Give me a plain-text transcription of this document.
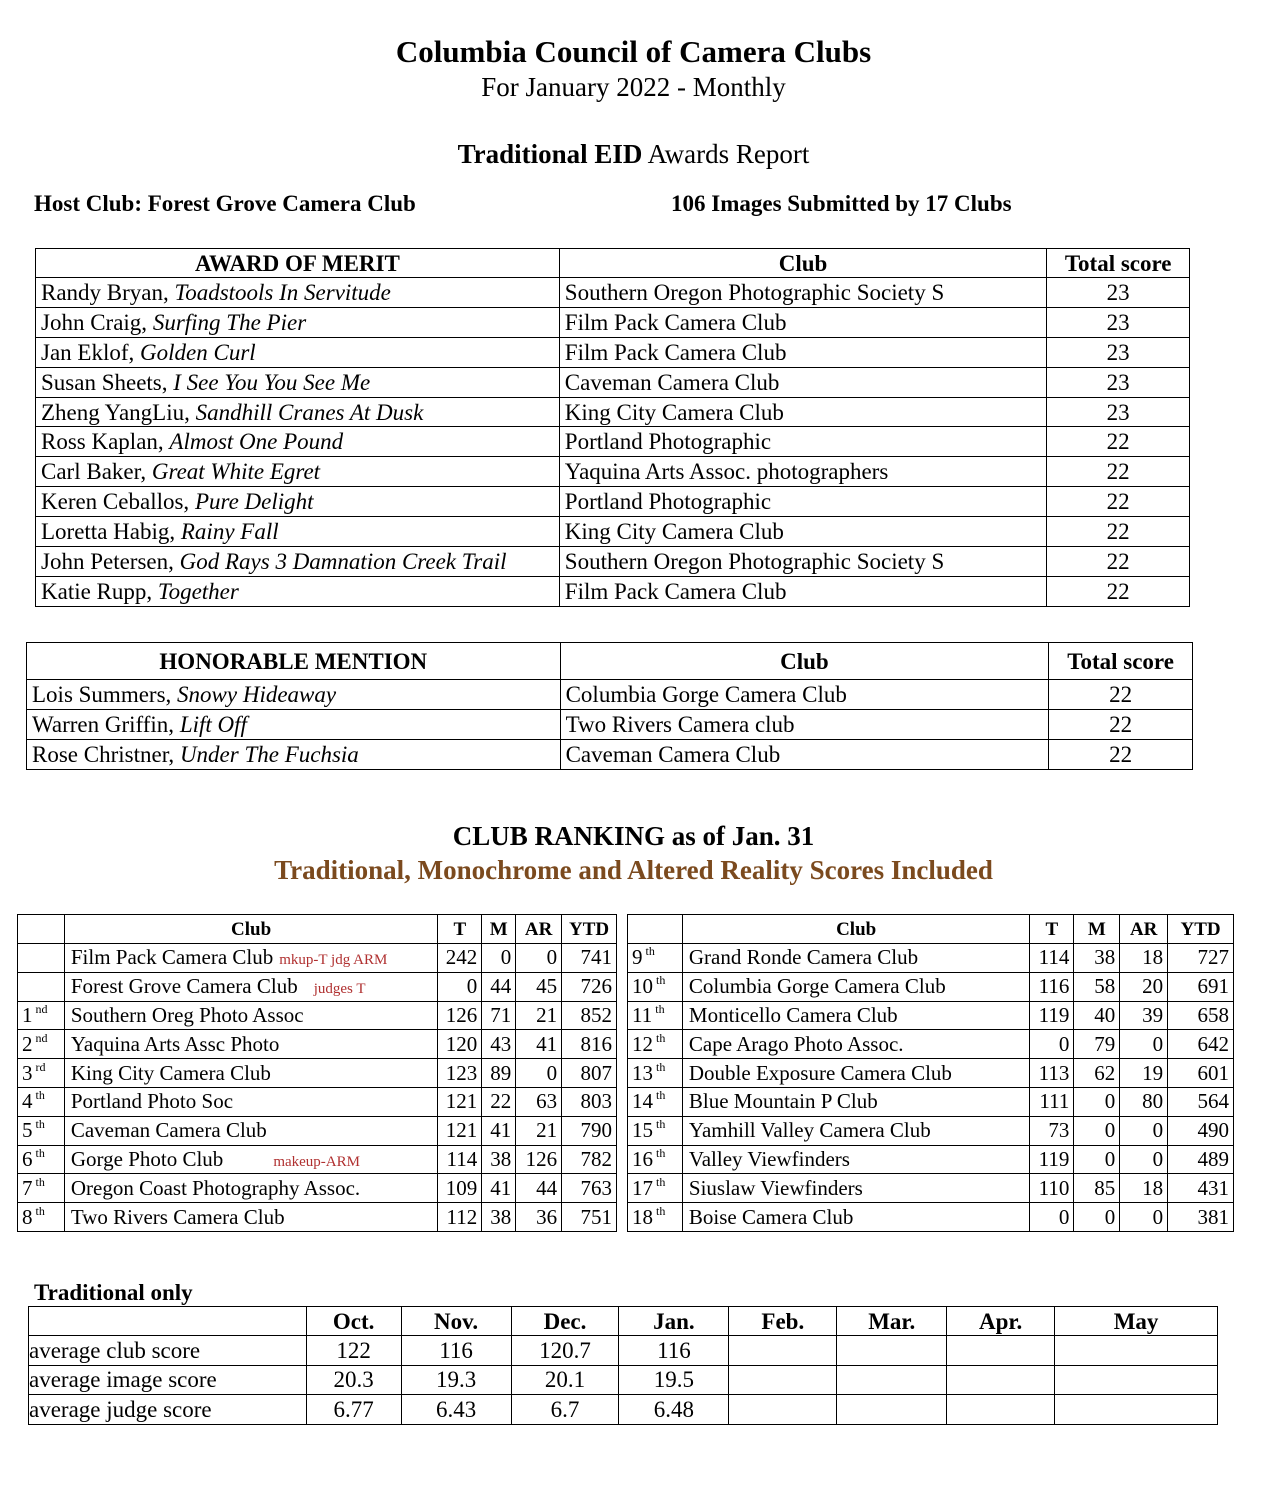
Columbia Council of Camera Clubs
For January 2022 - Monthly
Traditional EID Awards Report
Host Club: Forest Grove Camera Club	106 Images Submitted by 17 Clubs
AWARD OF MERIT	Club	Total score
Randy Bryan, Toadstools In Servitude	Southern Oregon Photographic Society S	23
John Craig, Surfing The Pier	Film Pack Camera Club	23
Jan Eklof, Golden Curl	Film Pack Camera Club	23
Susan Sheets, I See You You See Me	Caveman Camera Club	23
Zheng YangLiu, Sandhill Cranes At Dusk	King City Camera Club	23
Ross Kaplan, Almost One Pound	Portland Photographic	22
Carl Baker, Great White Egret	Yaquina Arts Assoc. photographers	22
Keren Ceballos, Pure Delight	Portland Photographic	22
Loretta Habig, Rainy Fall	King City Camera Club	22
John Petersen, God Rays 3 Damnation Creek Trail	Southern Oregon Photographic Society S	22
Katie Rupp, Together	Film Pack Camera Club	22
HONORABLE MENTION	Club	Total score
Lois Summers, Snowy Hideaway	Columbia Gorge Camera Club	22
Warren Griffin, Lift Off	Two Rivers Camera club	22
Rose Christner, Under The Fuchsia	Caveman Camera Club	22
CLUB RANKING as of Jan. 31
Traditional, Monochrome and Altered Reality Scores Included
	Club	T	M	AR	YTD
	Film Pack Camera Club mkup-T jdg ARM	242	0	0	741
	Forest Grove Camera Club judges T	0	44	45	726
1 $^{nd}$	Southern Oreg Photo Assoc	126	71	21	852
2 $^{nd}$	Yaquina Arts Assc Photo	120	43	41	816
3 $^{rd}$	King City Camera Club	123	89	0	807
4 $^{th}$	Portland Photo Soc	121	22	63	803
5 $^{th}$	Caveman Camera Club	121	41	21	790
6 $^{th}$	Gorge Photo Club makeup-ARM	114	38	126	782
7 $^{th}$	Oregon Coast Photography Assoc.	109	41	44	763
8 $^{th}$	Two Rivers Camera Club	112	38	36	751
	Club	T	M	AR	YTD
9 $^{th}$	Grand Ronde Camera Club	114	38	18	727
10 $^{th}$	Columbia Gorge Camera Club	116	58	20	691
11 $^{th}$	Monticello Camera Club	119	40	39	658
12 $^{th}$	Cape Arago Photo Assoc.	0	79	0	642
13 $^{th}$	Double Exposure Camera Club	113	62	19	601
14 $^{th}$	Blue Mountain P Club	111	0	80	564
15 $^{th}$	Yamhill Valley Camera Club	73	0	0	490
16 $^{th}$	Valley Viewfinders	119	0	0	489
17 $^{th}$	Siuslaw Viewfinders	110	85	18	431
18 $^{th}$	Boise Camera Club	0	0	0	381
Traditional only
	Oct.	Nov.	Dec.	Jan.	Feb.	Mar.	Apr.	May
average club score	122	116	120.7	116				
average image score	20.3	19.3	20.1	19.5				
average judge score	6.77	6.43	6.7	6.48				
